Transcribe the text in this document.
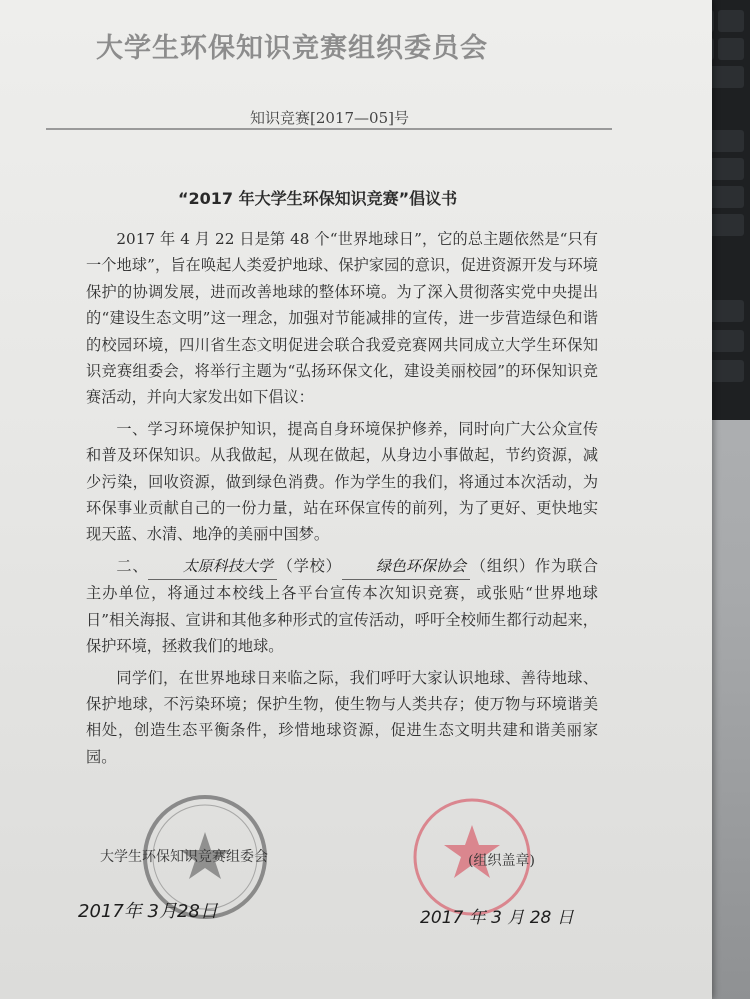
大学生环保知识竞赛组织委员会
知识竞赛[2017—05]号
“2017 年大学生环保知识竞赛”倡议书

2017 年 4 月 22 日是第 48 个“世界地球日”，它的总主题依然是“只有一个地球”，旨在唤起人类爱护地球、保护家园的意识，促进资源开发与环境保护的协调发展，进而改善地球的整体环境。为了深入贯彻落实党中央提出的“建设生态文明”这一理念，加强对节能减排的宣传，进一步营造绿色和谐的校园环境，四川省生态文明促进会联合我爱竞赛网共同成立大学生环保知识竞赛组委会，将举行主题为“弘扬环保文化，建设美丽校园”的环保知识竞赛活动，并向大家发出如下倡议：

一、学习环境保护知识，提高自身环境保护修养，同时向广大公众宣传和普及环保知识。从我做起，从现在做起，从身边小事做起，节约资源，减少污染，回收资源，做到绿色消费。作为学生的我们，将通过本次活动，为环保事业贡献自己的一份力量，站在环保宣传的前列，为了更好、更快地实现天蓝、水清、地净的美丽中国梦。

二、 太原科技大学 （学校） 绿色环保协会 （组织）作为联合主办单位，将通过本校线上各平台宣传本次知识竞赛，或张贴“世界地球日”相关海报、宣讲和其他多种形式的宣传活动，呼吁全校师生都行动起来，保护环境，拯救我们的地球。

同学们，在世界地球日来临之际，我们呼吁大家认识地球、善待地球、保护地球，不污染环境；保护生物，使生物与人类共存；使万物与环境谐美相处，创造生态平衡条件，珍惜地球资源，促进生态文明共建和谐美丽家园。

大学生环保知识竞赛组委会	(组织盖章)
2017年 3月28日	2017 年 3 月 28 日
